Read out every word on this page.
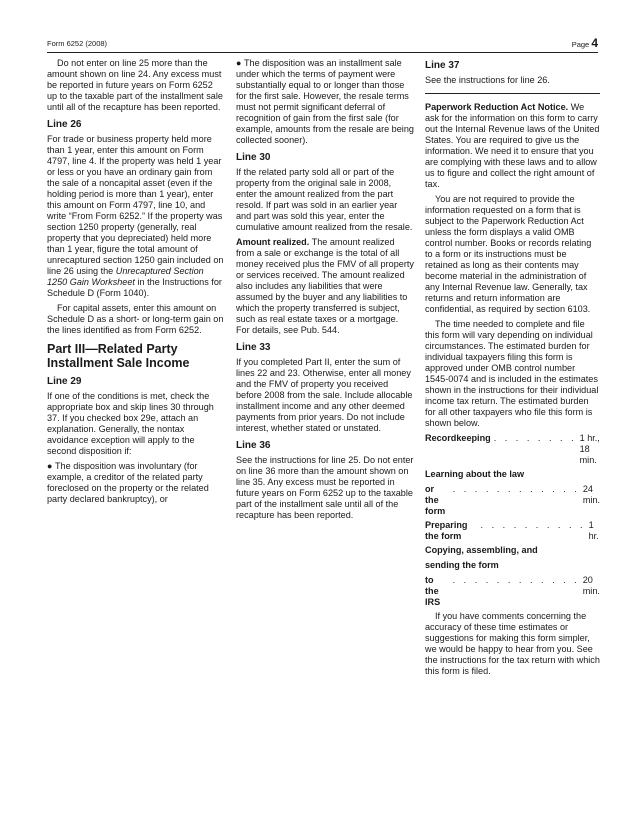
Form 6252 (2008)	Page 4

Do not enter on line 25 more than the amount shown on line 24. Any excess must be reported in future years on Form 6252 up to the taxable part of the installment sale until all of the recapture has been reported.

Line 26

For trade or business property held more than 1 year, enter this amount on Form 4797, line 4. If the property was held 1 year or less or you have an ordinary gain from the sale of a noncapital asset (even if the holding period is more than 1 year), enter this amount on Form 4797, line 10, and write “From Form 6252.” If the property was section 1250 property (generally, real property that you depreciated) held more than 1 year, figure the total amount of unrecaptured section 1250 gain included on line 26 using the Unrecaptured Section 1250 Gain Worksheet in the Instructions for Schedule D (Form 1040).

For capital assets, enter this amount on Schedule D as a short- or long-term gain on the lines identified as from Form 6252.

Part III—Related Party Installment Sale Income
Line 29

If one of the conditions is met, check the appropriate box and skip lines 30 through 37. If you checked box 29e, attach an explanation. Generally, the nontax avoidance exception will apply to the second disposition if:

● The disposition was involuntary (for example, a creditor of the related party foreclosed on the property or the related party declared bankruptcy), or

● The disposition was an installment sale under which the terms of payment were substantially equal to or longer than those for the first sale. However, the resale terms must not permit significant deferral of recognition of gain from the first sale (for example, amounts from the resale are being collected sooner).

Line 30

If the related party sold all or part of the property from the original sale in 2008, enter the amount realized from the part resold. If part was sold in an earlier year and part was sold this year, enter the cumulative amount realized from the resale.

Amount realized. The amount realized from a sale or exchange is the total of all money received plus the FMV of all property or services received. The amount realized also includes any liabilities that were assumed by the buyer and any liabilities to which the property transferred is subject, such as real estate taxes or a mortgage. For details, see Pub. 544.

Line 33

If you completed Part II, enter the sum of lines 22 and 23. Otherwise, enter all money and the FMV of property you received before 2008 from the sale. Include allocable installment income and any other deemed payments from prior years. Do not include interest, whether stated or unstated.

Line 36

See the instructions for line 25. Do not enter on line 36 more than the amount shown on line 35. Any excess must be reported in future years on Form 6252 up to the taxable part of the installment sale until all of the recapture has been reported.

Line 37

See the instructions for line 26.

Paperwork Reduction Act Notice. We ask for the information on this form to carry out the Internal Revenue laws of the United States. You are required to give us the information. We need it to ensure that you are complying with these laws and to allow us to figure and collect the right amount of tax.

You are not required to provide the information requested on a form that is subject to the Paperwork Reduction Act unless the form displays a valid OMB control number. Books or records relating to a form or its instructions must be retained as long as their contents may become material in the administration of any Internal Revenue law. Generally, tax returns and return information are confidential, as required by section 6103.

The time needed to complete and file this form will vary depending on individual circumstances. The estimated burden for individual taxpayers filing this form is approved under OMB control number 1545-0074 and is included in the estimates shown in the instructions for their individual income tax return. The estimated burden for all other taxpayers who file this form is shown below.

Recordkeeping . . . . . . . . 1 hr., 18 min.

Learning about the law

or the form
. . . . . . . . . . . . 24 min.
Preparing the form
. . . . . . . . . . 1 hr.

Copying, assembling, and

sending the form

to the IRS
. . . . . . . . . . . . 20 min.

If you have comments concerning the accuracy of these time estimates or suggestions for making this form simpler, we would be happy to hear from you. See the instructions for the tax return with which this form is filed.
